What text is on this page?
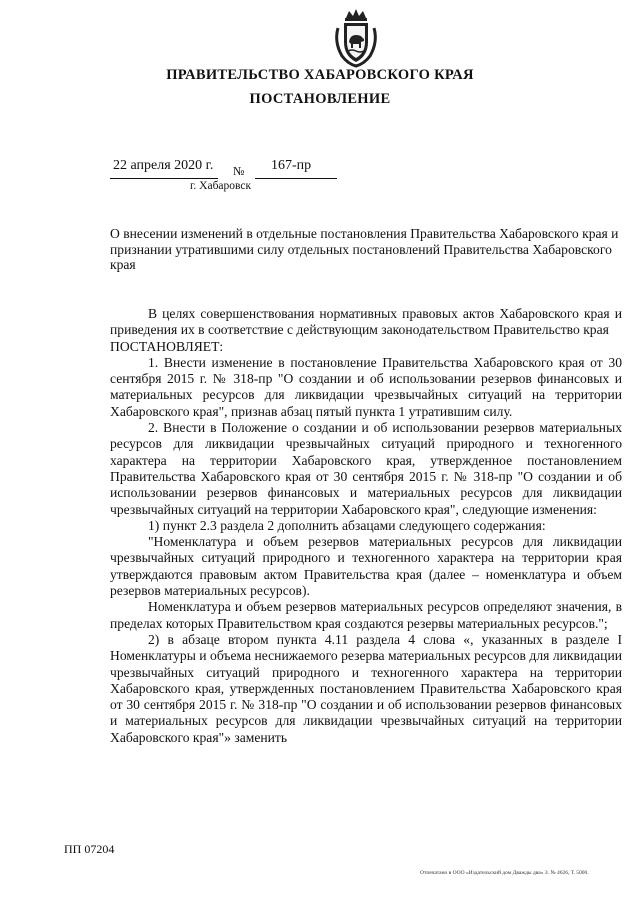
ПРАВИТЕЛЬСТВО ХАБАРОВСКОГО КРАЯ
ПОСТАНОВЛЕНИЕ
22 апреля 2020 г. № 167-пр
г. Хабаровск
О внесении изменений в отдельные постановления Правительства Хабаровского края и признании утратившими силу отдельных постановлений Правительства Хабаровского края

В целях совершенствования нормативных правовых актов Хабаровского края и приведения их в соответствие с действующим законодательством Правительство края

ПОСТАНОВЛЯЕТ:

1. Внести изменение в постановление Правительства Хабаровского края от 30 сентября 2015 г. № 318-пр "О создании и об использовании резервов финансовых и материальных ресурсов для ликвидации чрезвычайных ситуаций на территории Хабаровского края", признав абзац пятый пункта 1 утратившим силу.

2. Внести в Положение о создании и об использовании резервов материальных ресурсов для ликвидации чрезвычайных ситуаций природного и техногенного характера на территории Хабаровского края, утвержденное постановлением Правительства Хабаровского края от 30 сентября 2015 г. № 318-пр "О создании и об использовании резервов финансовых и материальных ресурсов для ликвидации чрезвычайных ситуаций на территории Хабаровского края", следующие изменения:

1) пункт 2.3 раздела 2 дополнить абзацами следующего содержания:

"Номенклатура и объем резервов материальных ресурсов для ликвидации чрезвычайных ситуаций природного и техногенного характера на территории края утверждаются правовым актом Правительства края (далее – номенклатура и объем резервов материальных ресурсов).

Номенклатура и объем резервов материальных ресурсов определяют значения, в пределах которых Правительством края создаются резервы материальных ресурсов.";

2) в абзаце втором пункта 4.11 раздела 4 слова «, указанных в разделе I Номенклатуры и объема неснижаемого резерва материальных ресурсов для ликвидации чрезвычайных ситуаций природного и техногенного характера на территории Хабаровского края, утвержденных постановлением Правительства Хабаровского края от 30 сентября 2015 г. № 318-пр "О создании и об использовании резервов финансовых и материальных ресурсов для ликвидации чрезвычайных ситуаций на территории Хабаровского края"» заменить

ПП 07204
Отпечатано в ООО «Издательский дом Дважды два» З. № 4626, Т. 5000.
